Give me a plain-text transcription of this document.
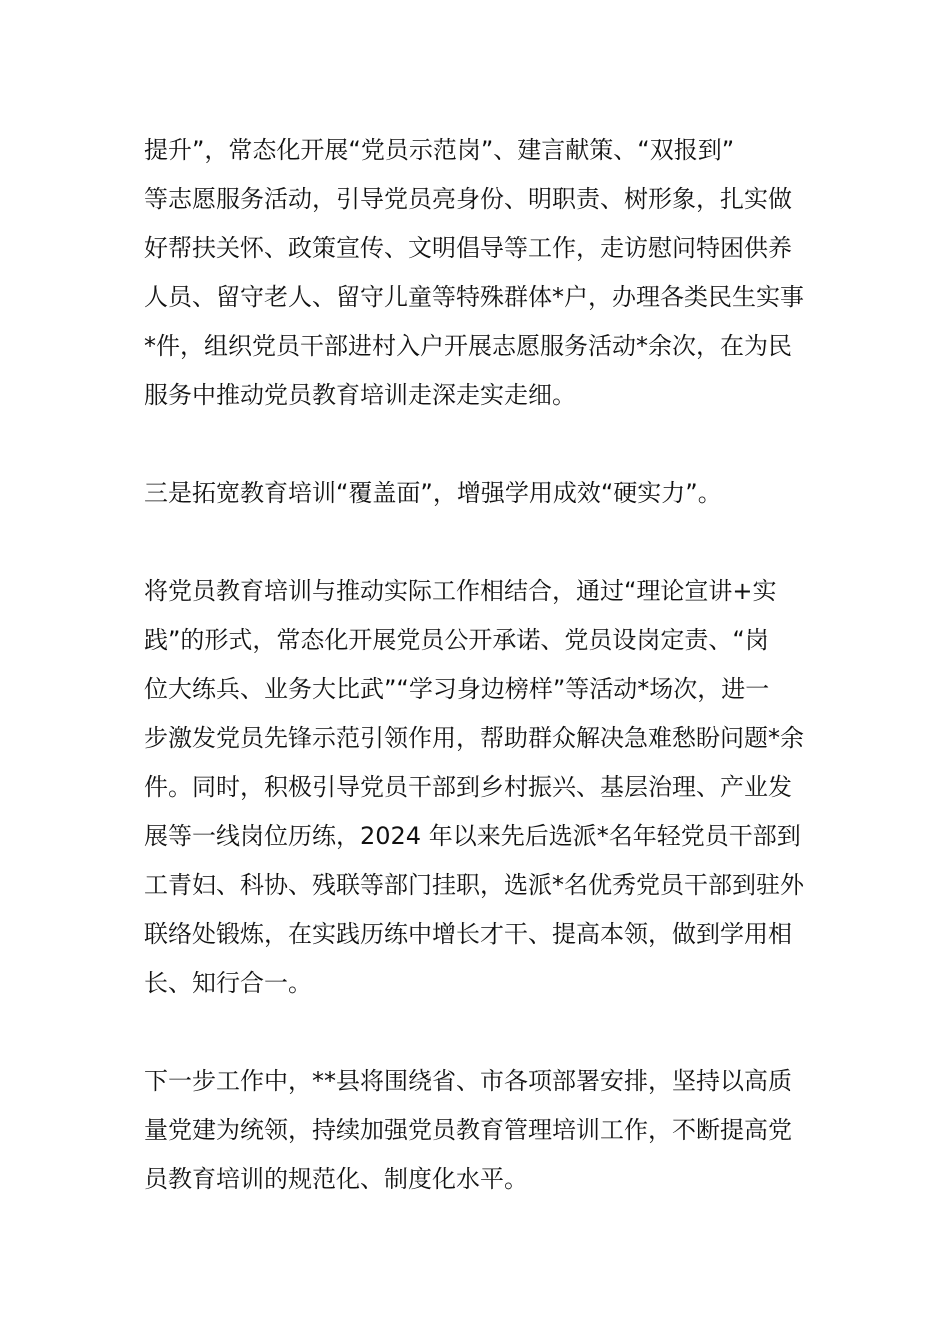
提升”，常态化开展“党员示范岗”、建言献策、“双报到”
等志愿服务活动，引导党员亮身份、明职责、树形象，扎实做
好帮扶关怀、政策宣传、文明倡导等工作，走访慰问特困供养
人员、留守老人、留守儿童等特殊群体*户，办理各类民生实事
*件，组织党员干部进村入户开展志愿服务活动*余次，在为民
服务中推动党员教育培训走深走实走细。

三是拓宽教育培训“覆盖面”，增强学用成效“硬实力”。

将党员教育培训与推动实际工作相结合，通过“理论宣讲+实
践”的形式，常态化开展党员公开承诺、党员设岗定责、“岗
位大练兵、业务大比武”“学习身边榜样”等活动*场次，进一
步激发党员先锋示范引领作用，帮助群众解决急难愁盼问题*余
件。同时，积极引导党员干部到乡村振兴、基层治理、产业发
展等一线岗位历练，2024 年以来先后选派*名年轻党员干部到
工青妇、科协、残联等部门挂职，选派*名优秀党员干部到驻外
联络处锻炼，在实践历练中增长才干、提高本领，做到学用相
长、知行合一。

下一步工作中，**县将围绕省、市各项部署安排，坚持以高质
量党建为统领，持续加强党员教育管理培训工作，不断提高党
员教育培训的规范化、制度化水平。
